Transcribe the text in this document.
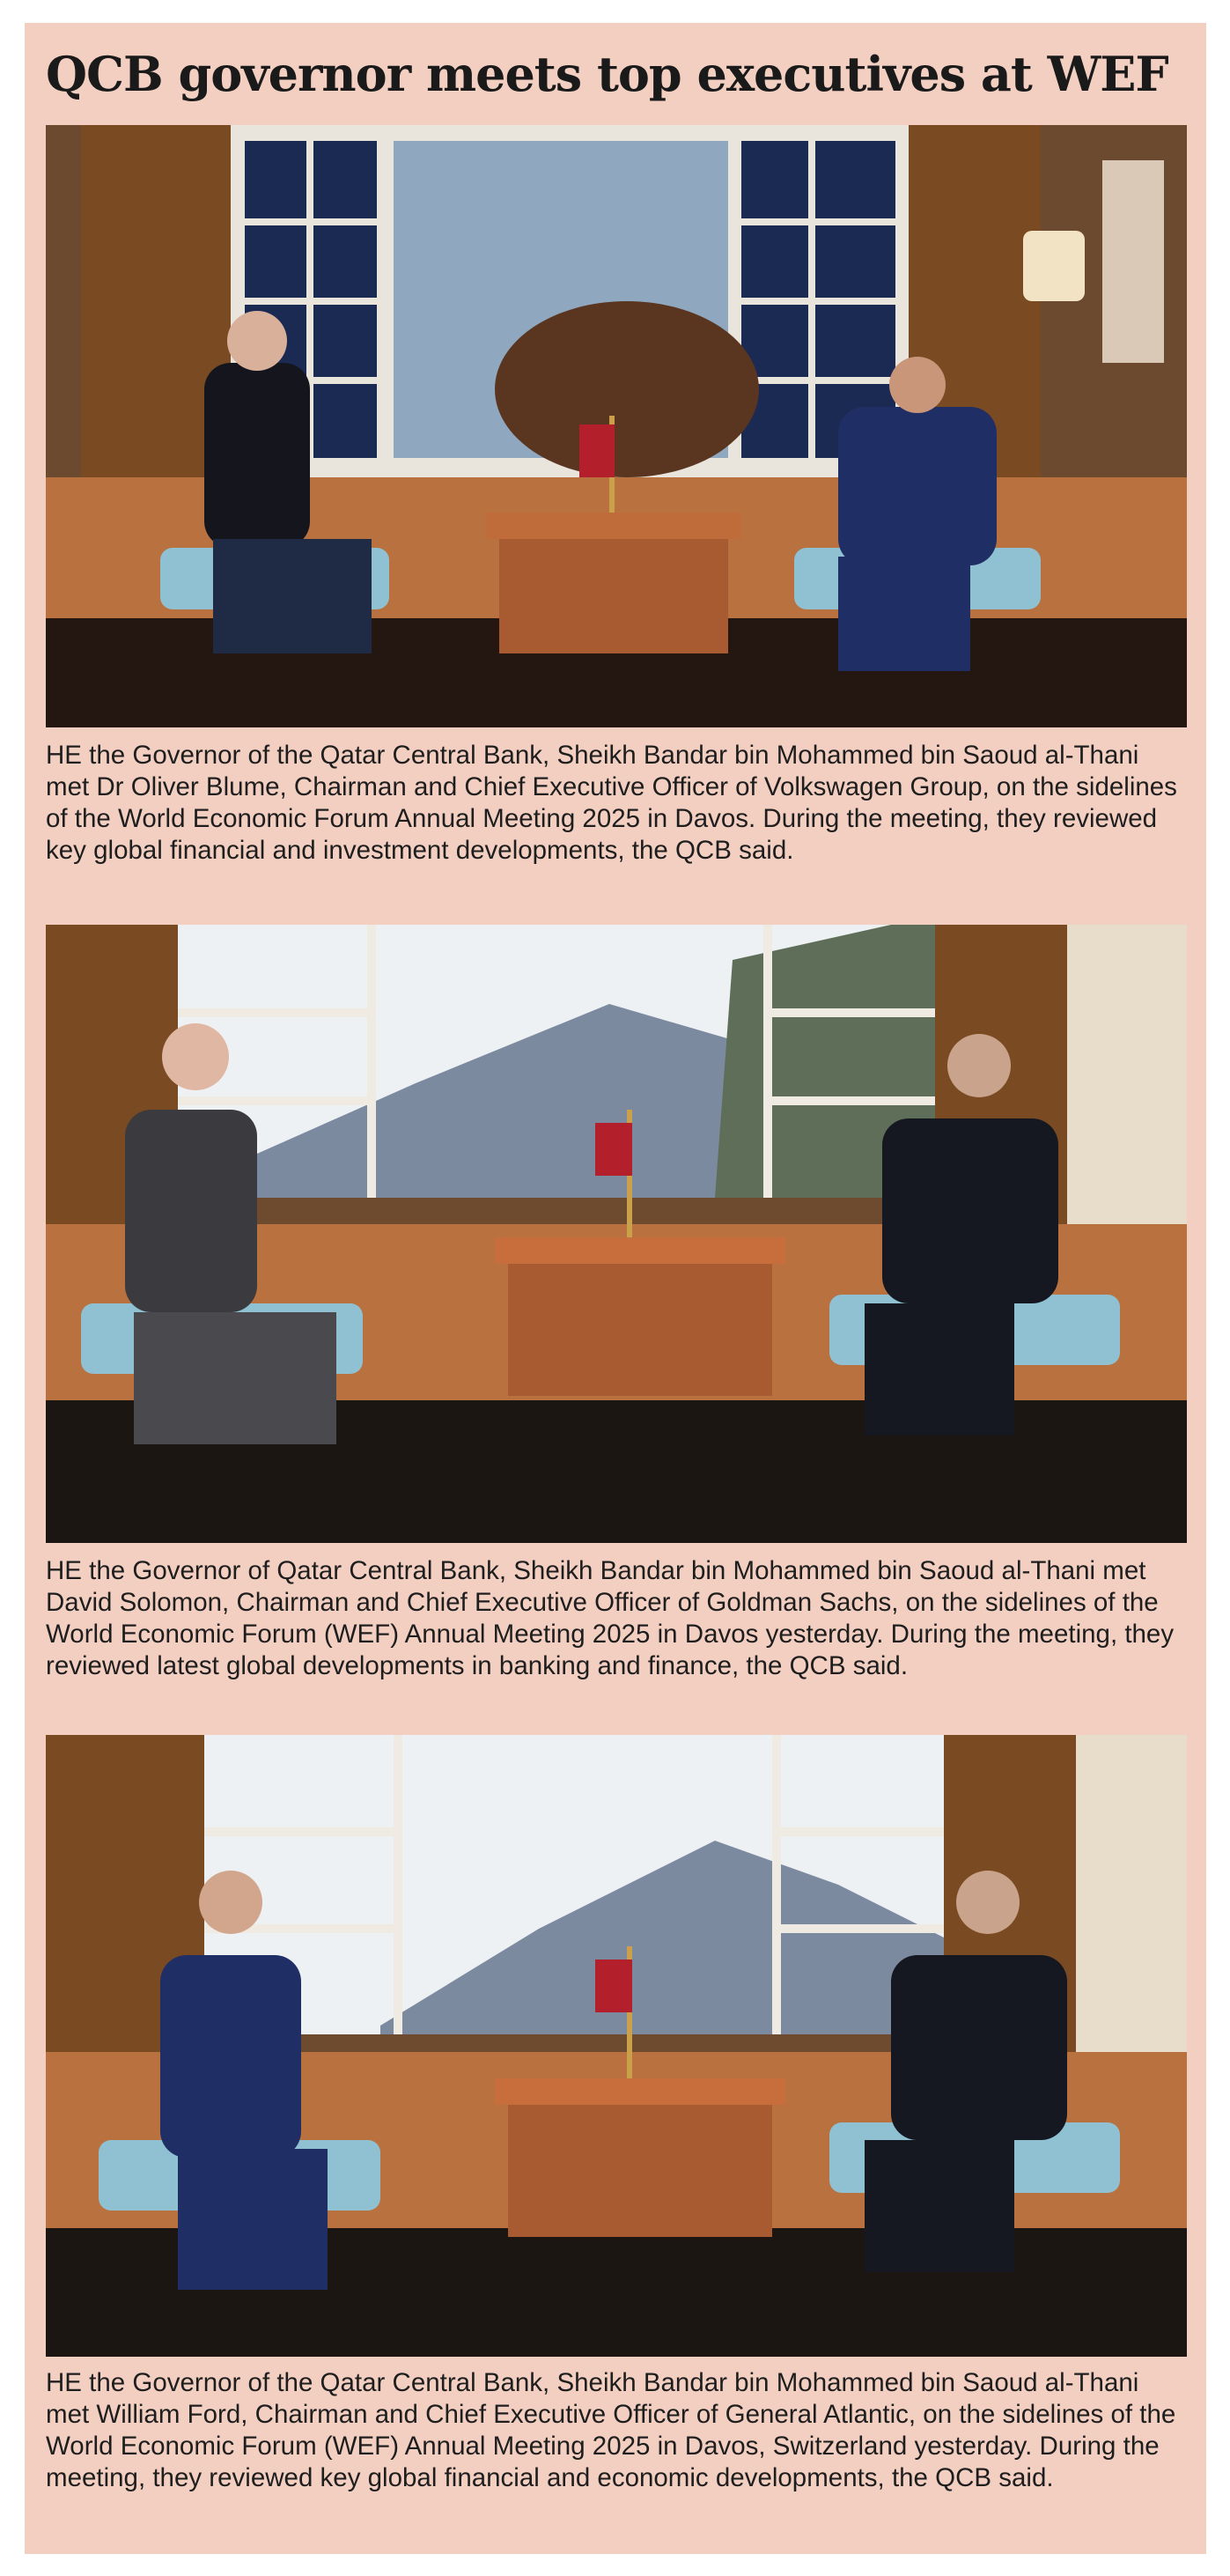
QCB governor meets top executives at WEF

HE the Governor of the Qatar Central Bank, Sheikh Bandar bin Mohammed bin Saoud al-Thani met Dr Oliver Blume, Chairman and Chief Executive Officer of Volkswagen Group, on the sidelines of the World Economic Forum Annual Meeting 2025 in Davos. During the meeting, they reviewed key global financial and investment developments, the QCB said.

HE the Governor of Qatar Central Bank, Sheikh Bandar bin Mohammed bin Saoud al-Thani met David Solomon, Chairman and Chief Executive Officer of Goldman Sachs, on the sidelines of the World Economic Forum (WEF) Annual Meeting 2025 in Davos yesterday. During the meeting, they reviewed latest global developments in banking and finance, the QCB said.

HE the Governor of the Qatar Central Bank, Sheikh Bandar bin Mohammed bin Saoud al-Thani met William Ford, Chairman and Chief Executive Officer of General Atlantic, on the sidelines of the World Economic Forum (WEF) Annual Meeting 2025 in Davos, Switzerland yesterday. During the meeting, they reviewed key global financial and economic developments, the QCB said.
